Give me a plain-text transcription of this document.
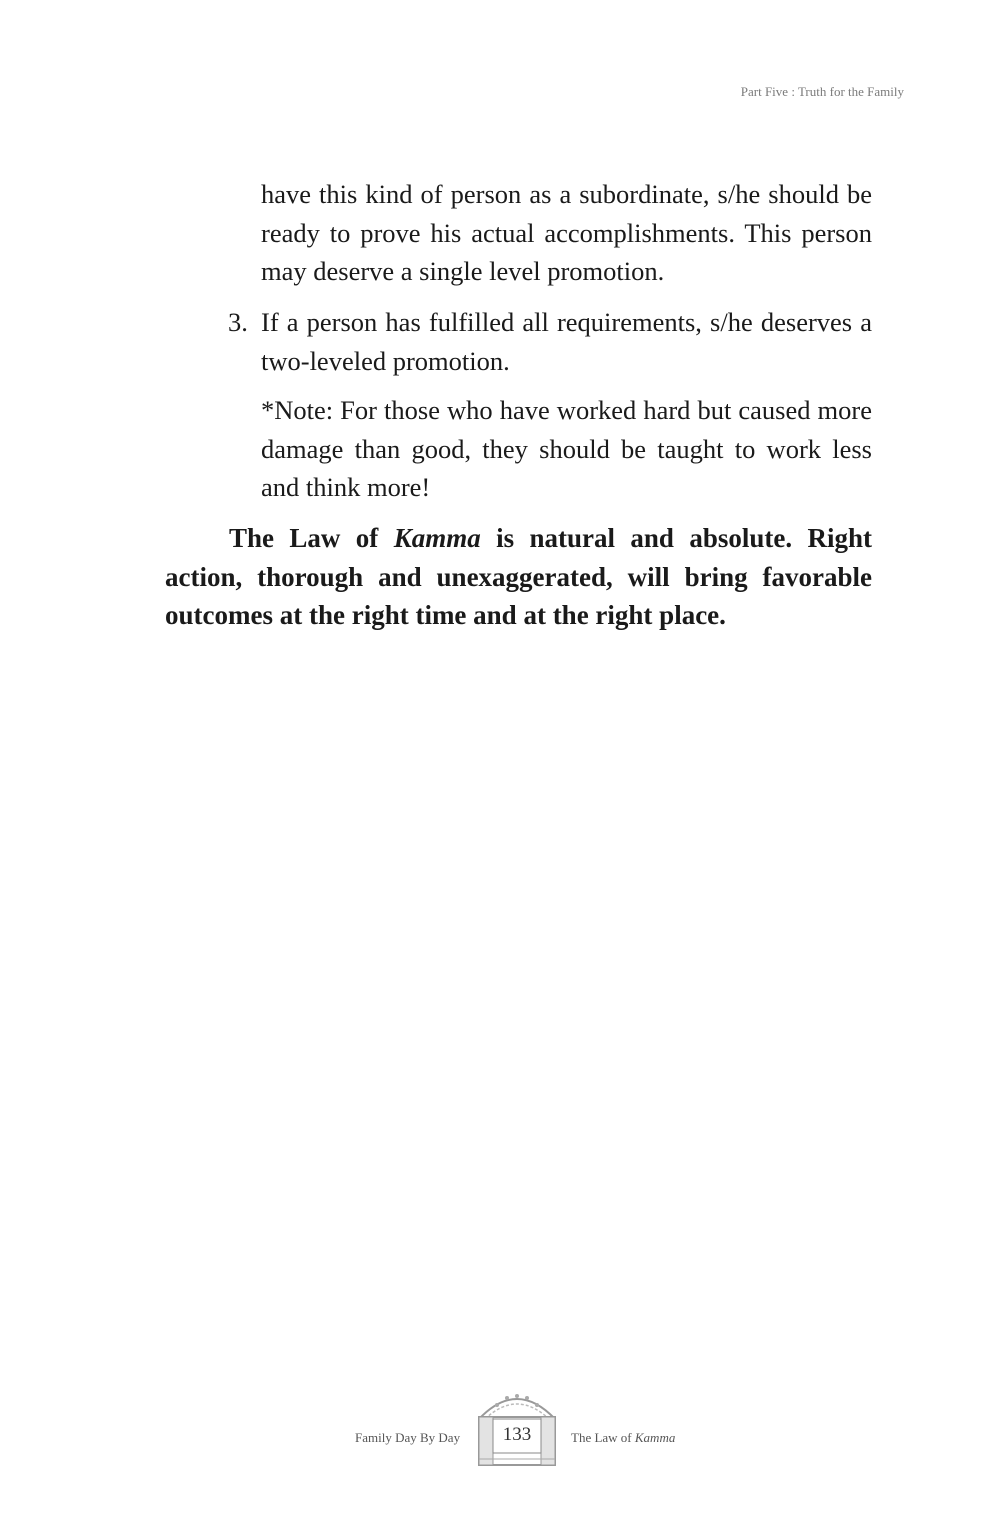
Part Five : Truth for the Family

have this kind of person as a subordinate, s/he should be ready to prove his actual accomplishments. This person may deserve a single level promotion.

3. If a person has fulfilled all requirements, s/he deserves a two-leveled promotion.

*Note: For those who have worked hard but caused more damage than good, they should be taught to work less and think more!

The Law of Kamma is natural and absolute. Right action, thorough and unexaggerated, will bring favorable outcomes at the right time and at the right place.

Family Day By Day	133	The Law of Kamma
